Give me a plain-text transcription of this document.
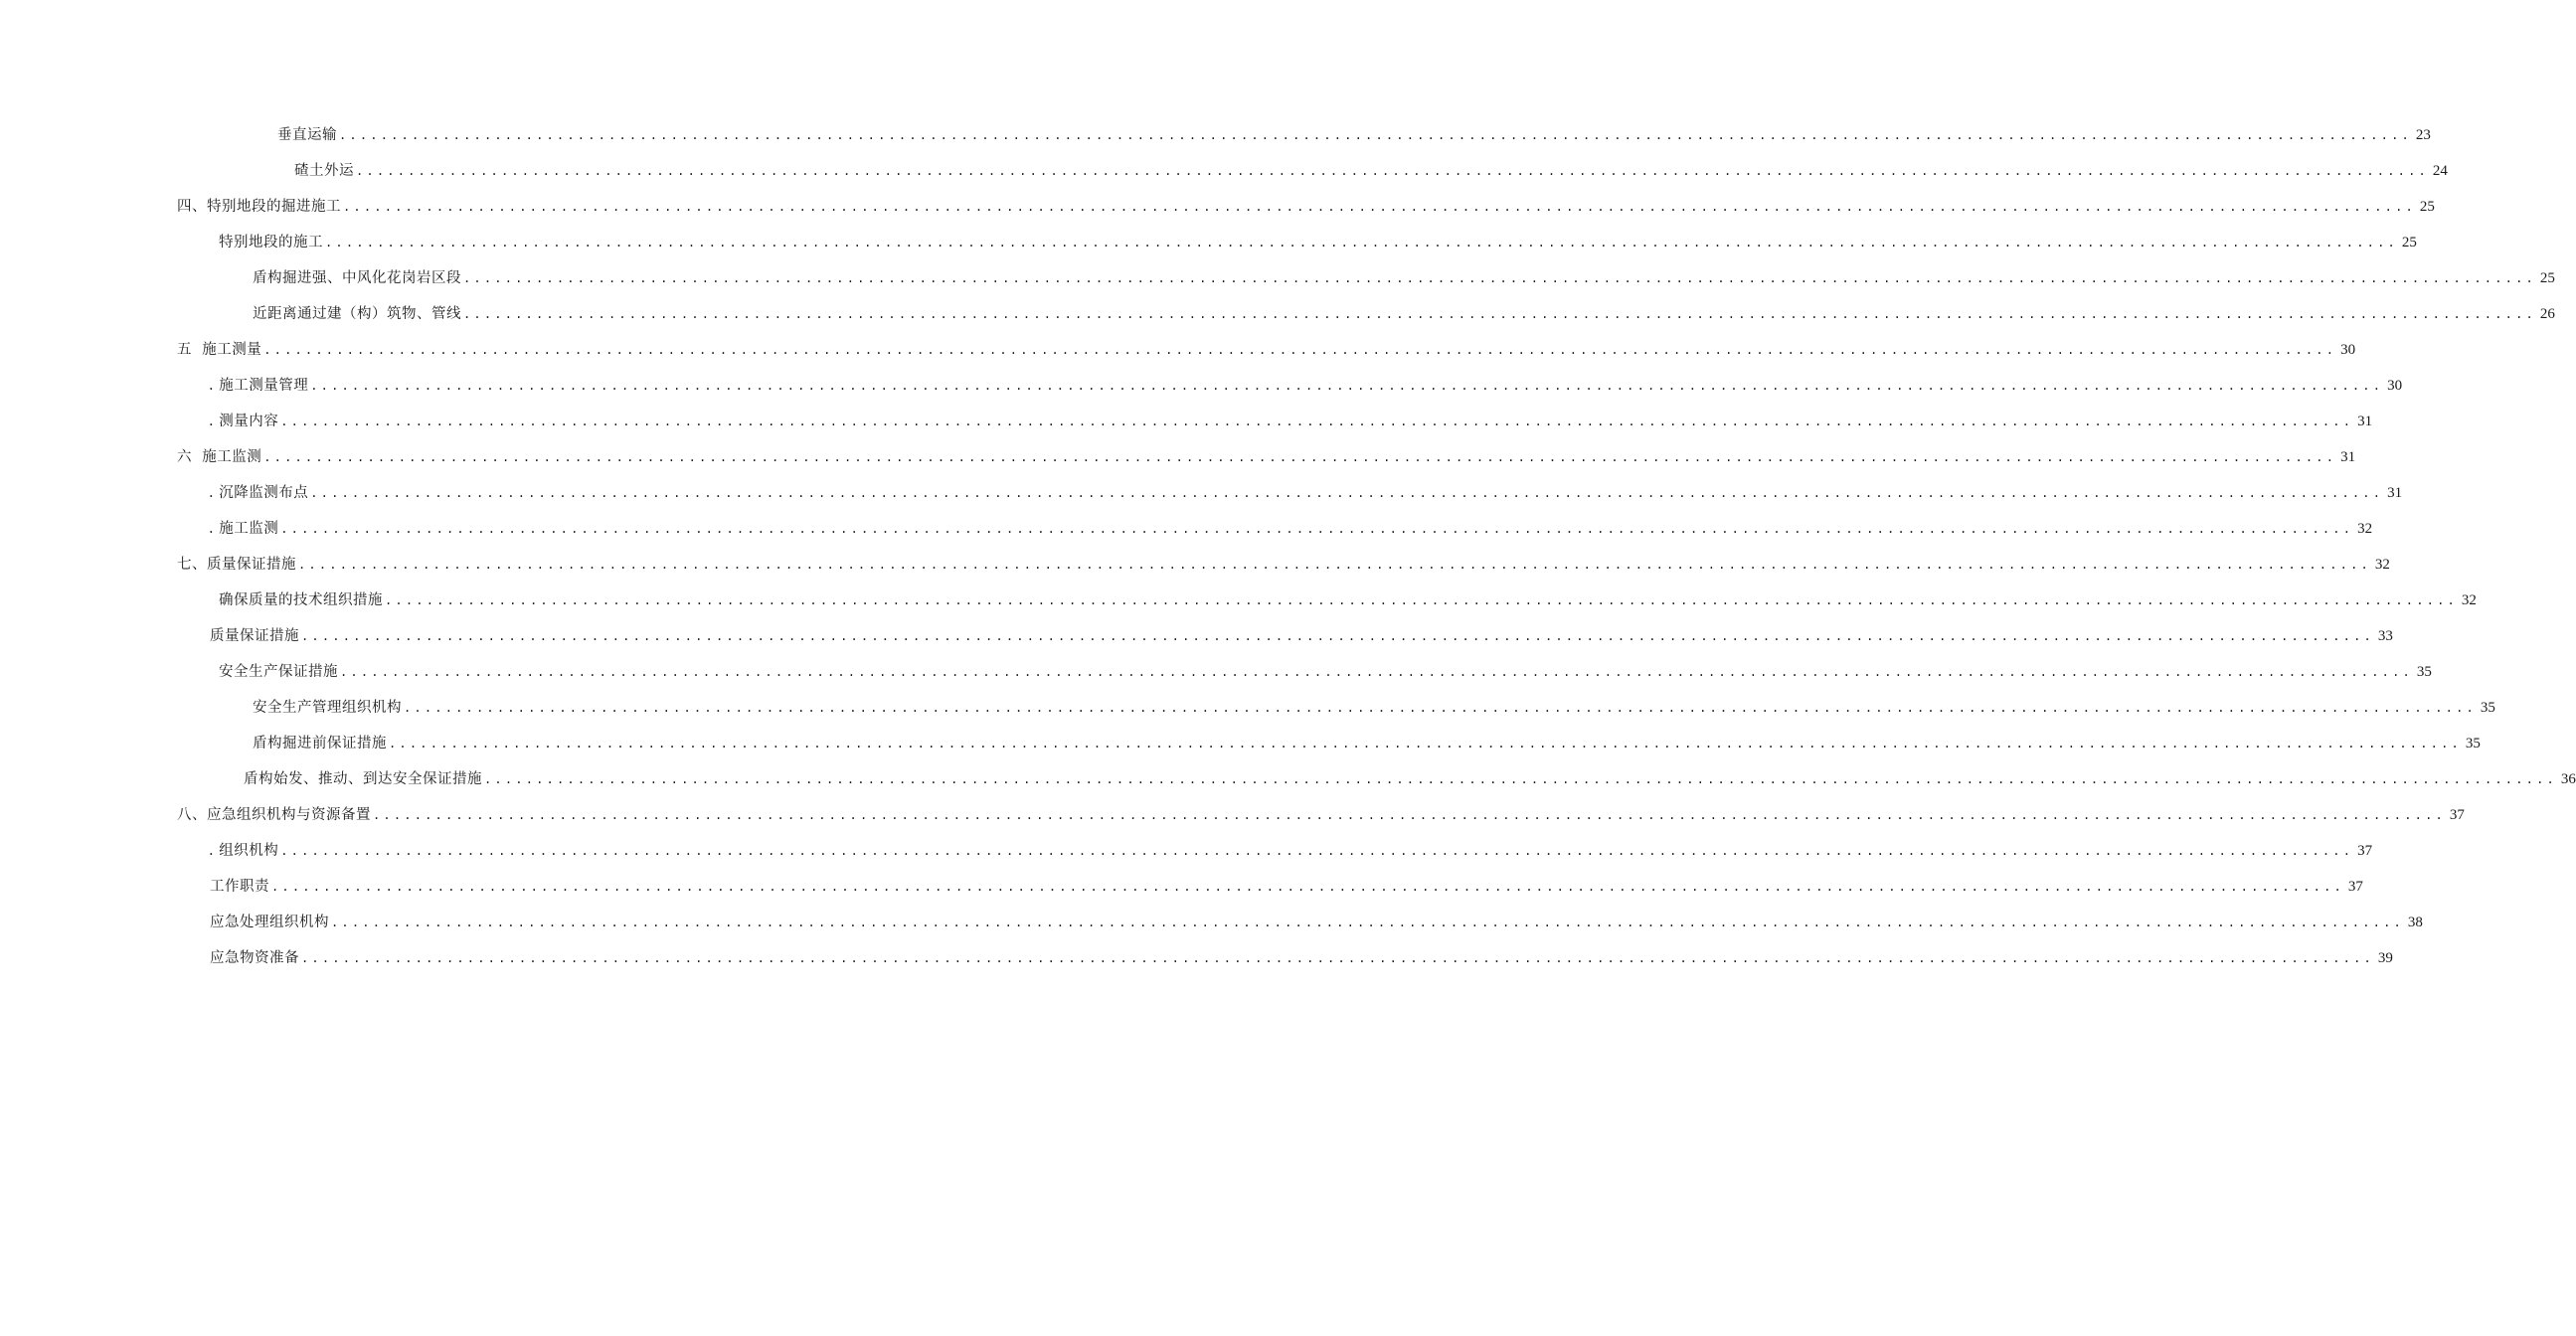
垂直运输 ........................................................................................................................................................................................................ 23
碴土外运 ........................................................................................................................................................................................................ 24
四、特别地段的掘进施工 ........................................................................................................................................................................................................ 25
特别地段的施工 ........................................................................................................................................................................................................ 25
盾构掘进强、中风化花岗岩区段 ........................................................................................................................................................................................................ 25
近距离通过建（构）筑物、管线 ........................................................................................................................................................................................................ 26
五  施工测量 ........................................................................................................................................................................................................ 30
. 施工测量管理 ........................................................................................................................................................................................................ 30
. 测量内容 ........................................................................................................................................................................................................ 31
六  施工监测 ........................................................................................................................................................................................................ 31
. 沉降监测布点 ........................................................................................................................................................................................................ 31
. 施工监测 ........................................................................................................................................................................................................ 32
七、质量保证措施 ........................................................................................................................................................................................................ 32
确保质量的技术组织措施 ........................................................................................................................................................................................................ 32
质量保证措施 ........................................................................................................................................................................................................ 33
安全生产保证措施 ........................................................................................................................................................................................................ 35
安全生产管理组织机构 ........................................................................................................................................................................................................ 35
盾构掘进前保证措施 ........................................................................................................................................................................................................ 35
盾构始发、推动、到达安全保证措施 ........................................................................................................................................................................................................ 36
八、应急组织机构与资源备置 ........................................................................................................................................................................................................ 37
. 组织机构 ........................................................................................................................................................................................................ 37
工作职责 ........................................................................................................................................................................................................ 37
应急处理组织机构 ........................................................................................................................................................................................................ 38
应急物资准备 ........................................................................................................................................................................................................ 39
